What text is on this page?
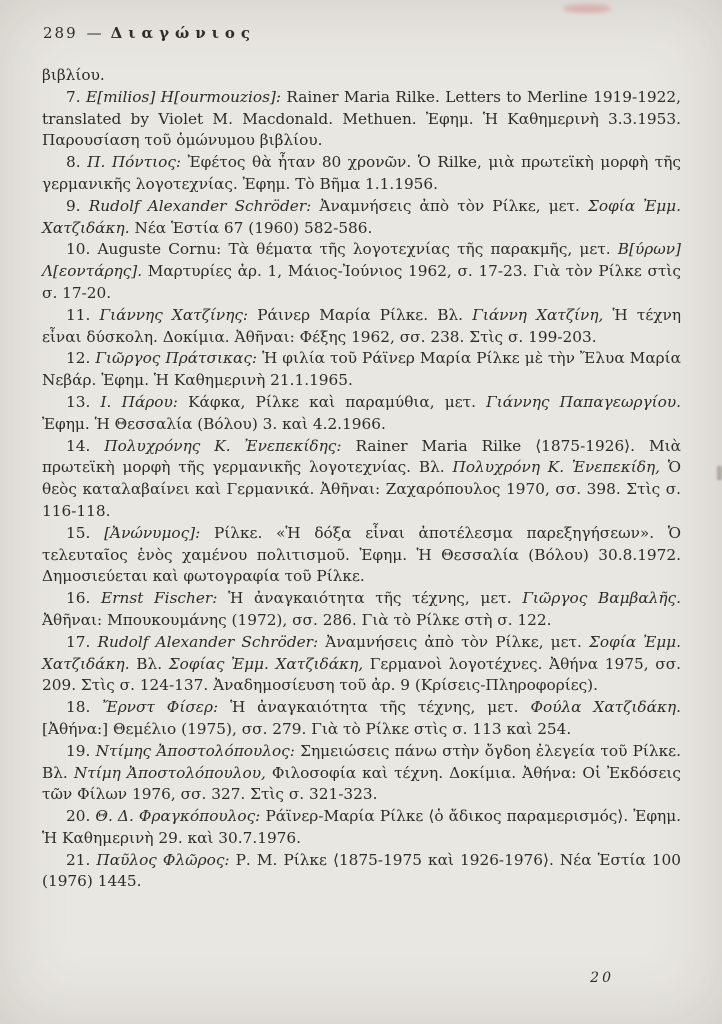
289 — Διαγώνιος

βιβλίου.

7. E[milios] H[ourmouzios]: Rainer Maria Rilke. Letters to Merline 1919-1922, translated by Violet M. Macdonald. Methuen. Ἐφημ. Ἡ Καθημερινὴ 3.3.1953. Παρουσίαση τοῦ ὁμώνυμου βιβλίου.

8. Π. Πόντιος: Ἐφέτος θὰ ἦταν 80 χρονῶν. Ὁ Rilke, μιὰ πρωτεϊκὴ μορφὴ τῆς γερμανικῆς λογοτεχνίας. Ἐφημ. Τὸ Βῆμα 1.1.1956.

9. Rudolf Alexander Schröder: Ἀναμνήσεις ἀπὸ τὸν Ρίλκε, μετ. Σοφία Ἐμμ. Χατζιδάκη. Νέα Ἑστία 67 (1960) 582-586.

10. Auguste Cornu: Τὰ θέματα τῆς λογοτεχνίας τῆς παρακμῆς, μετ. Β[ύρων] Λ[εοντάρης]. Μαρτυρίες ἀρ. 1, Μάιος-Ἰούνιος 1962, σ. 17-23. Γιὰ τὸν Ρίλκε στὶς σ. 17-20.

11. Γιάννης Χατζίνης: Ράινερ Μαρία Ρίλκε. Βλ. Γιάννη Χατζίνη, Ἡ τέχνη εἶναι δύσκολη. Δοκίμια. Ἀθῆναι: Φέξης 1962, σσ. 238. Στὶς σ. 199-203.

12. Γιῶργος Πράτσικας: Ἡ φιλία τοῦ Ράϊνερ Μαρία Ρίλκε μὲ τὴν Ἔλυα Μαρία Νεβάρ. Ἐφημ. Ἡ Καθημερινὴ 21.1.1965.

13. Ι. Πάρου: Κάφκα, Ρίλκε καὶ παραμύθια, μετ. Γιάννης Παπαγεωργίου. Ἐφημ. Ἡ Θεσσαλία (Βόλου) 3. καὶ 4.2.1966.

14. Πολυχρόνης Κ. Ἐνεπεκίδης: Rainer Maria Rilke ⟨1875-1926⟩. Μιὰ πρωτεϊκὴ μορφὴ τῆς γερμανικῆς λογοτεχνίας. Βλ. Πολυχρόνη Κ. Ἐνεπεκίδη, Ὁ θεὸς καταλαβαίνει καὶ Γερμανικά. Ἀθῆναι: Ζαχαρόπουλος 1970, σσ. 398. Στὶς σ. 116-118.

15. [Ἀνώνυμος]: Ρίλκε. «Ἡ δόξα εἶναι ἀποτέλεσμα παρεξηγήσεων». Ὁ τελευταῖος ἑνὸς χαμένου πολιτισμοῦ. Ἐφημ. Ἡ Θεσσαλία (Βόλου) 30.8.1972. Δημοσιεύεται καὶ φωτογραφία τοῦ Ρίλκε.

16. Ernst Fischer: Ἡ ἀναγκαιότητα τῆς τέχνης, μετ. Γιῶργος Βαμβαλῆς. Ἀθῆναι: Μπουκουμάνης (1972), σσ. 286. Γιὰ τὸ Ρίλκε στὴ σ. 122.

17. Rudolf Alexander Schröder: Ἀναμνήσεις ἀπὸ τὸν Ρίλκε, μετ. Σοφία Ἐμμ. Χατζιδάκη. Βλ. Σοφίας Ἐμμ. Χατζιδάκη, Γερμανοὶ λογοτέχνες. Ἀθήνα 1975, σσ. 209. Στὶς σ. 124-137. Ἀναδημοσίευση τοῦ ἀρ. 9 (Κρίσεις-Πληροφορίες).

18. Ἔρνστ Φίσερ: Ἡ ἀναγκαιότητα τῆς τέχνης, μετ. Φούλα Χατζιδάκη. [Ἀθήνα:] Θεμέλιο (1975), σσ. 279. Γιὰ τὸ Ρίλκε στὶς σ. 113 καὶ 254.

19. Ντίμης Ἀποστολόπουλος: Σημειώσεις πάνω στὴν ὄγδοη ἐλεγεία τοῦ Ρίλκε. Βλ. Ντίμη Ἀποστολόπουλου, Φιλοσοφία καὶ τέχνη. Δοκίμια. Ἀθήνα: Οἱ Ἐκδόσεις τῶν Φίλων 1976, σσ. 327. Στὶς σ. 321-323.

20. Θ. Δ. Φραγκόπουλος: Ράϊνερ-Μαρία Ρίλκε ⟨ὁ ἄδικος παραμερισμός⟩. Ἐφημ. Ἡ Καθημερινὴ 29. καὶ 30.7.1976.

21. Παῦλος Φλῶρος: Ρ. Μ. Ρίλκε ⟨1875-1975 καὶ 1926-1976⟩. Νέα Ἑστία 100 (1976) 1445.

20
